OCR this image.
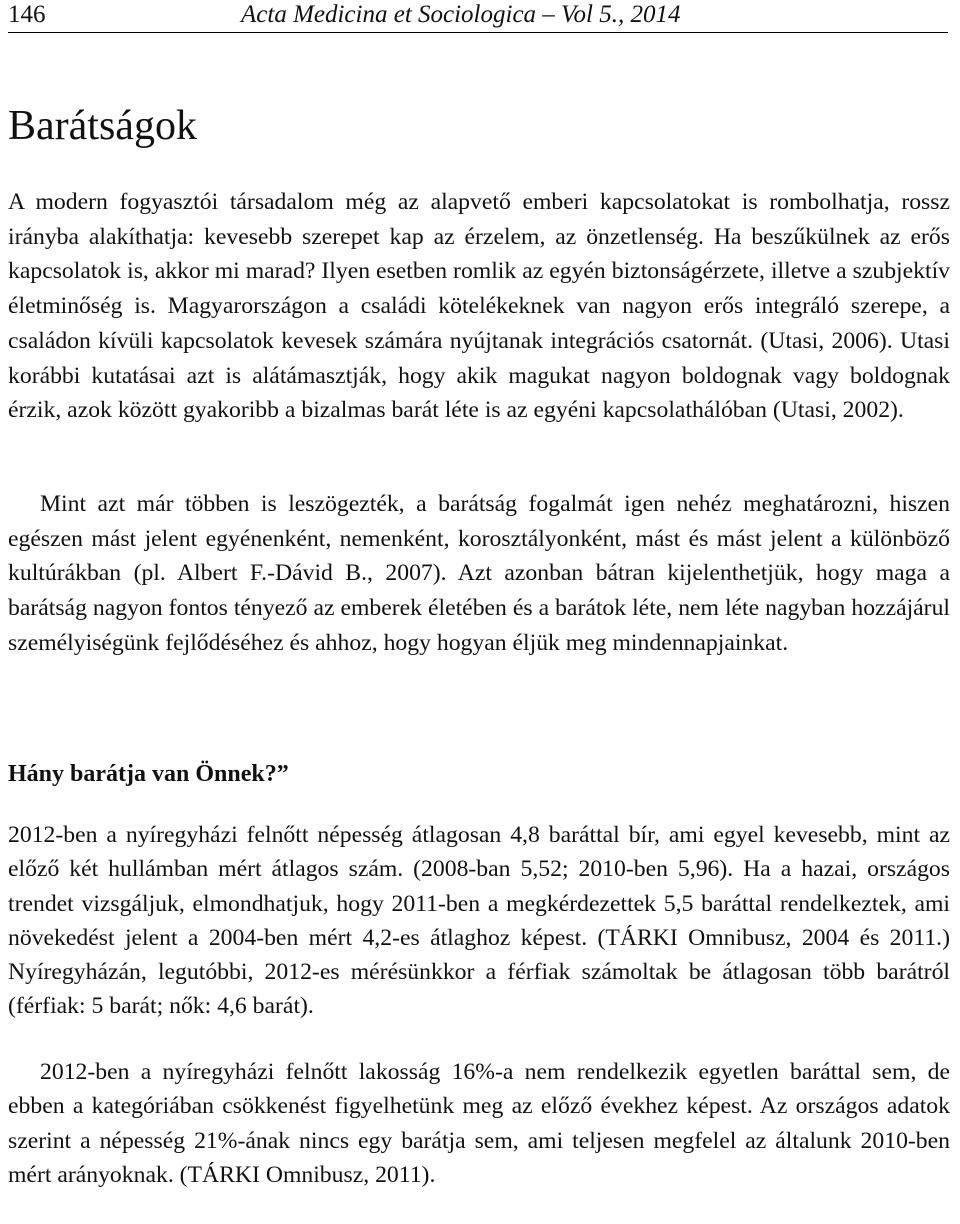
146	Acta Medicina et Sociologica – Vol 5., 2014
Barátságok

A modern fogyasztói társadalom még az alapvető emberi kapcsolatokat is rombolhatja, rossz irányba alakíthatja: kevesebb szerepet kap az érzelem, az önzetlenség. Ha beszűkülnek az erős kapcsolatok is, akkor mi marad? Ilyen esetben romlik az egyén biztonságérzete, illetve a szubjektív életminőség is. Magyarországon a családi kötelékeknek van nagyon erős integráló szerepe, a családon kívüli kapcsolatok kevesek számára nyújtanak integrációs csatornát. (Utasi, 2006). Utasi korábbi kutatásai azt is alátámasztják, hogy akik magukat nagyon boldognak vagy boldognak érzik, azok között gyakoribb a bizalmas barát léte is az egyéni kapcsolathálóban (Utasi, 2002).

Mint azt már többen is leszögezték, a barátság fogalmát igen nehéz meghatározni, hiszen egészen mást jelent egyénenként, nemenként, korosztályonként, mást és mást jelent a különböző kultúrákban (pl. Albert F.-Dávid B., 2007). Azt azonban bátran kijelenthetjük, hogy maga a barátság nagyon fontos tényező az emberek életében és a barátok léte, nem léte nagyban hozzájárul személyiségünk fejlődéséhez és ahhoz, hogy hogyan éljük meg mindennapjainkat.

Hány barátja van Önnek?”

2012-ben a nyíregyházi felnőtt népesség átlagosan 4,8 baráttal bír, ami egyel kevesebb, mint az előző két hullámban mért átlagos szám. (2008-ban 5,52; 2010-ben 5,96). Ha a hazai, országos trendet vizsgáljuk, elmondhatjuk, hogy 2011-ben a megkérdezettek 5,5 baráttal rendelkeztek, ami növekedést jelent a 2004-ben mért 4,2-es átlaghoz képest. (TÁRKI Omnibusz, 2004 és 2011.) Nyíregyházán, legutóbbi, 2012-es mérésünkkor a férfiak számoltak be átlagosan több barátról (férfiak: 5 barát; nők: 4,6 barát).

2012-ben a nyíregyházi felnőtt lakosság 16%-a nem rendelkezik egyetlen baráttal sem, de ebben a kategóriában csökkenést figyelhetünk meg az előző évekhez képest. Az országos adatok szerint a népesség 21%-ának nincs egy barátja sem, ami teljesen megfelel az általunk 2010-ben mért arányoknak. (TÁRKI Omnibusz, 2011).
